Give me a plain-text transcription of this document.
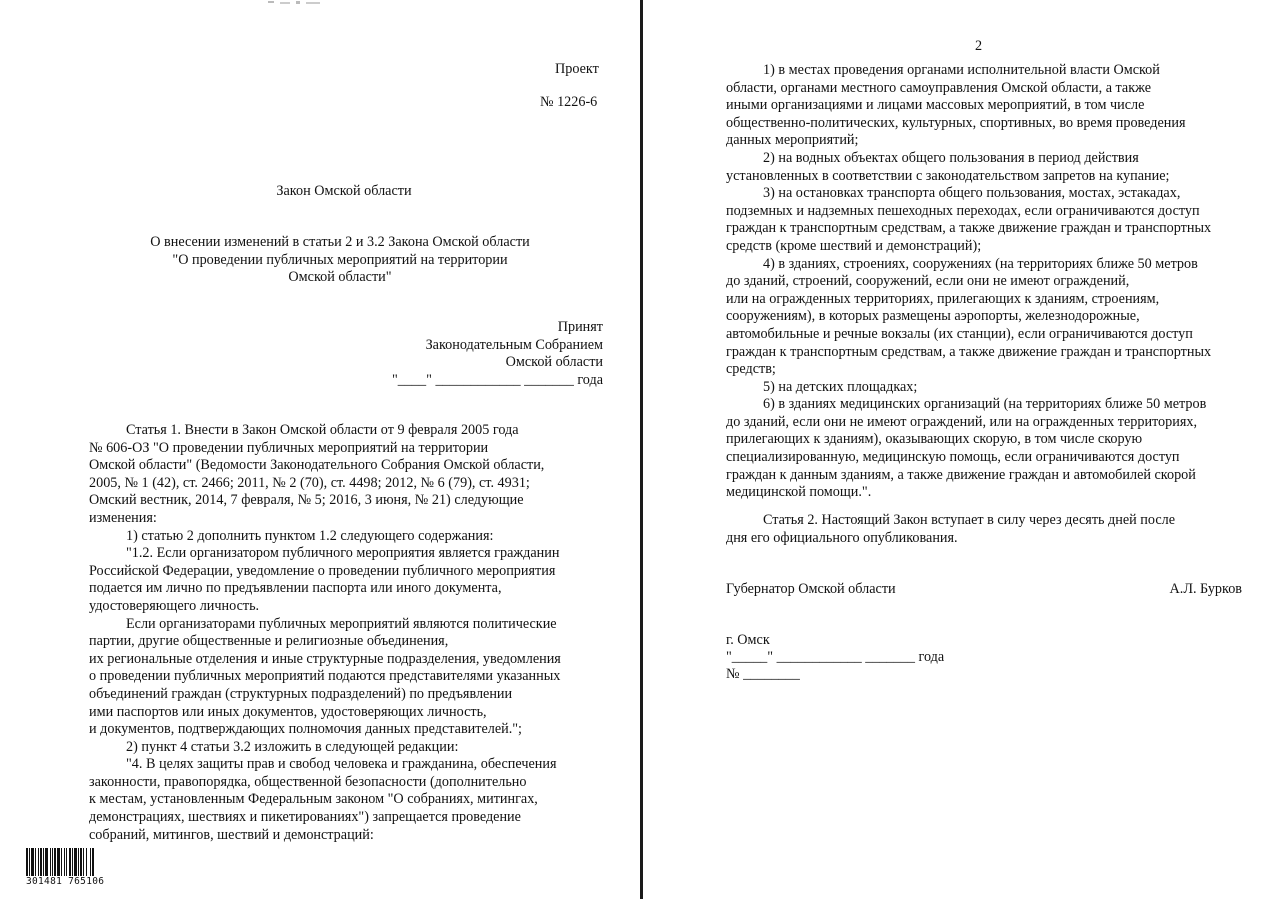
Проект
№ 1226-6
Закон Омской области
О внесении изменений в статьи 2 и 3.2 Закона Омской области
"О проведении публичных мероприятий на территории
Омской области"
Принят
Законодательным Собранием
Омской области
"____" ____________ _______ года
Статья 1. Внести в Закон Омской области от 9 февраля 2005 года
№ 606-ОЗ "О проведении публичных мероприятий на территории
Омской области" (Ведомости Законодательного Собрания Омской области,
2005, № 1 (42), ст. 2466; 2011, № 2 (70), ст. 4498; 2012, № 6 (79), ст. 4931;
Омский вестник, 2014, 7 февраля, № 5; 2016, 3 июня, № 21) следующие
изменения:
1) статью 2 дополнить пунктом 1.2 следующего содержания:
"1.2. Если организатором публичного мероприятия является гражданин
Российской Федерации, уведомление о проведении публичного мероприятия
подается им лично по предъявлении паспорта или иного документа,
удостоверяющего личность.
Если организаторами публичных мероприятий являются политические
партии, другие общественные и религиозные объединения,
их региональные отделения и иные структурные подразделения, уведомления
о проведении публичных мероприятий подаются представителями указанных
объединений граждан (структурных подразделений) по предъявлении
ими паспортов или иных документов, удостоверяющих личность,
и документов, подтверждающих полномочия данных представителей.";
2) пункт 4 статьи 3.2 изложить в следующей редакции:
"4. В целях защиты прав и свобод человека и гражданина, обеспечения
законности, правопорядка, общественной безопасности (дополнительно
к местам, установленным Федеральным законом "О собраниях, митингах,
демонстрациях, шествиях и пикетированиях") запрещается проведение
собраний, митингов, шествий и демонстраций:
301481 765106
2
1) в местах проведения органами исполнительной власти Омской
области, органами местного самоуправления Омской области, а также
иными организациями и лицами массовых мероприятий, в том числе
общественно-политических, культурных, спортивных, во время проведения
данных мероприятий;
2) на водных объектах общего пользования в период действия
установленных в соответствии с законодательством запретов на купание;
3) на остановках транспорта общего пользования, мостах, эстакадах,
подземных и надземных пешеходных переходах, если ограничиваются доступ
граждан к транспортным средствам, а также движение граждан и транспортных
средств (кроме шествий и демонстраций);
4) в зданиях, строениях, сооружениях (на территориях ближе 50 метров
до зданий, строений, сооружений, если они не имеют ограждений,
или на огражденных территориях, прилегающих к зданиям, строениям,
сооружениям), в которых размещены аэропорты, железнодорожные,
автомобильные и речные вокзалы (их станции), если ограничиваются доступ
граждан к транспортным средствам, а также движение граждан и транспортных
средств;
5) на детских площадках;
6) в зданиях медицинских организаций (на территориях ближе 50 метров
до зданий, если они не имеют ограждений, или на огражденных территориях,
прилегающих к зданиям), оказывающих скорую, в том числе скорую
специализированную, медицинскую помощь, если ограничиваются доступ
граждан к данным зданиям, а также движение граждан и автомобилей скорой
медицинской помощи.".
Статья 2. Настоящий Закон вступает в силу через десять дней после
дня его официального опубликования.
Губернатор Омской области	А.Л. Бурков
г. Омск
"_____" ____________ _______ года
№ ________
